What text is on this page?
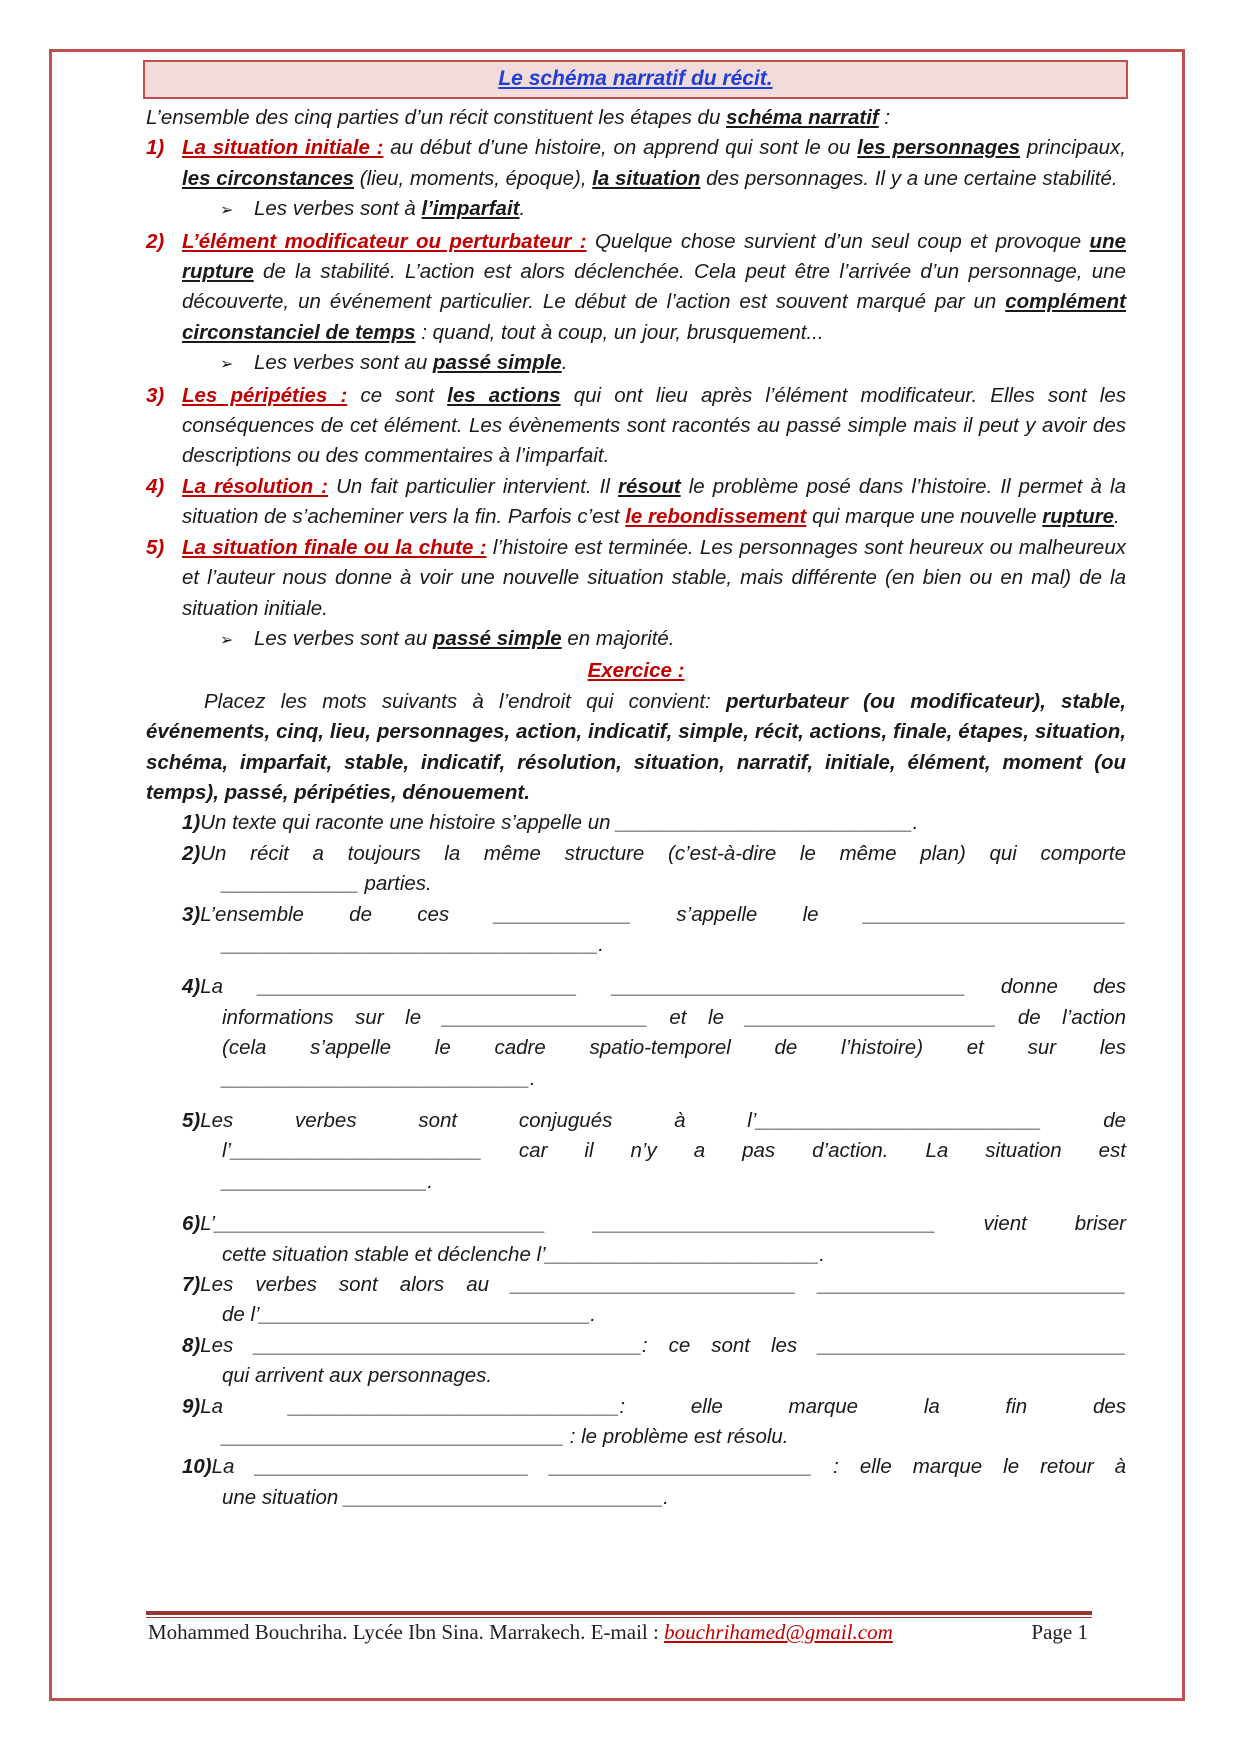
Le schéma narratif du récit.

L’ensemble des cinq parties d’un récit constituent les étapes du schéma narratif :

1) La situation initiale : au début d’une histoire, on apprend qui sont le ou les personnages principaux, les circonstances (lieu, moments, époque), la situation des personnages. Il y a une certaine stabilité.

➢ Les verbes sont à l’imparfait.

2) L’élément modificateur ou perturbateur : Quelque chose survient d’un seul coup et provoque une rupture de la stabilité. L’action est alors déclenchée. Cela peut être l’arrivée d’un personnage, une découverte, un événement particulier. Le début de l’action est souvent marqué par un complément circonstanciel de temps : quand, tout à coup, un jour, brusquement...

➢ Les verbes sont au passé simple.

3) Les péripéties : ce sont les actions qui ont lieu après l’élément modificateur. Elles sont les conséquences de cet élément. Les évènements sont racontés au passé simple mais il peut y avoir des descriptions ou des commentaires à l’imparfait.
4) La résolution : Un fait particulier intervient. Il résout le problème posé dans l’histoire. Il permet à la situation de s’acheminer vers la fin. Parfois c’est le rebondissement qui marque une nouvelle rupture.
5) La situation finale ou la chute : l’histoire est terminée. Les personnages sont heureux ou malheureux et l’auteur nous donne à voir une nouvelle situation stable, mais différente (en bien ou en mal) de la situation initiale.

➢ Les verbes sont au passé simple en majorité.

Exercice :

Placez les mots suivants à l’endroit qui convient: perturbateur (ou modificateur), stable, événements, cinq, lieu, personnages, action, indicatif, simple, récit, actions, finale, étapes, situation, schéma, imparfait, stable, indicatif, résolution, situation, narratif, initiale, élément, moment (ou temps), passé, péripéties, dénouement.

1) Un texte qui raconte une histoire s’appelle un __________________________.
2) Un récit a toujours la même structure (c’est-à-dire le même plan) qui comporte

____________ parties.

3) L’ensemble de ces ____________ s’appelle le _______________________

_________________________________.

4) La ____________________________ _______________________________ donne des

informations sur le __________________ et le ______________________ de l’action

(cela s’appelle le cadre spatio-temporel de l’histoire) et sur les

___________________________.

5) Les verbes sont conjugués à l’_________________________ de

l’______________________ car il n’y a pas d’action. La situation est

__________________.

6) L’_____________________________ ______________________________ vient briser

cette situation stable et déclenche l’________________________.

7) Les verbes sont alors au _________________________ ___________________________

de l’_____________________________.

8) Les __________________________________: ce sont les ___________________________

qui arrivent aux personnages.

9) La _____________________________: elle marque la fin des

______________________________ : le problème est résolu.

10) La ________________________ _______________________ : elle marque le retour à

une situation ____________________________.

Mohammed Bouchriha. Lycée Ibn Sina. Marrakech. E-mail : bouchrihamed@gmail.com	Page 1
